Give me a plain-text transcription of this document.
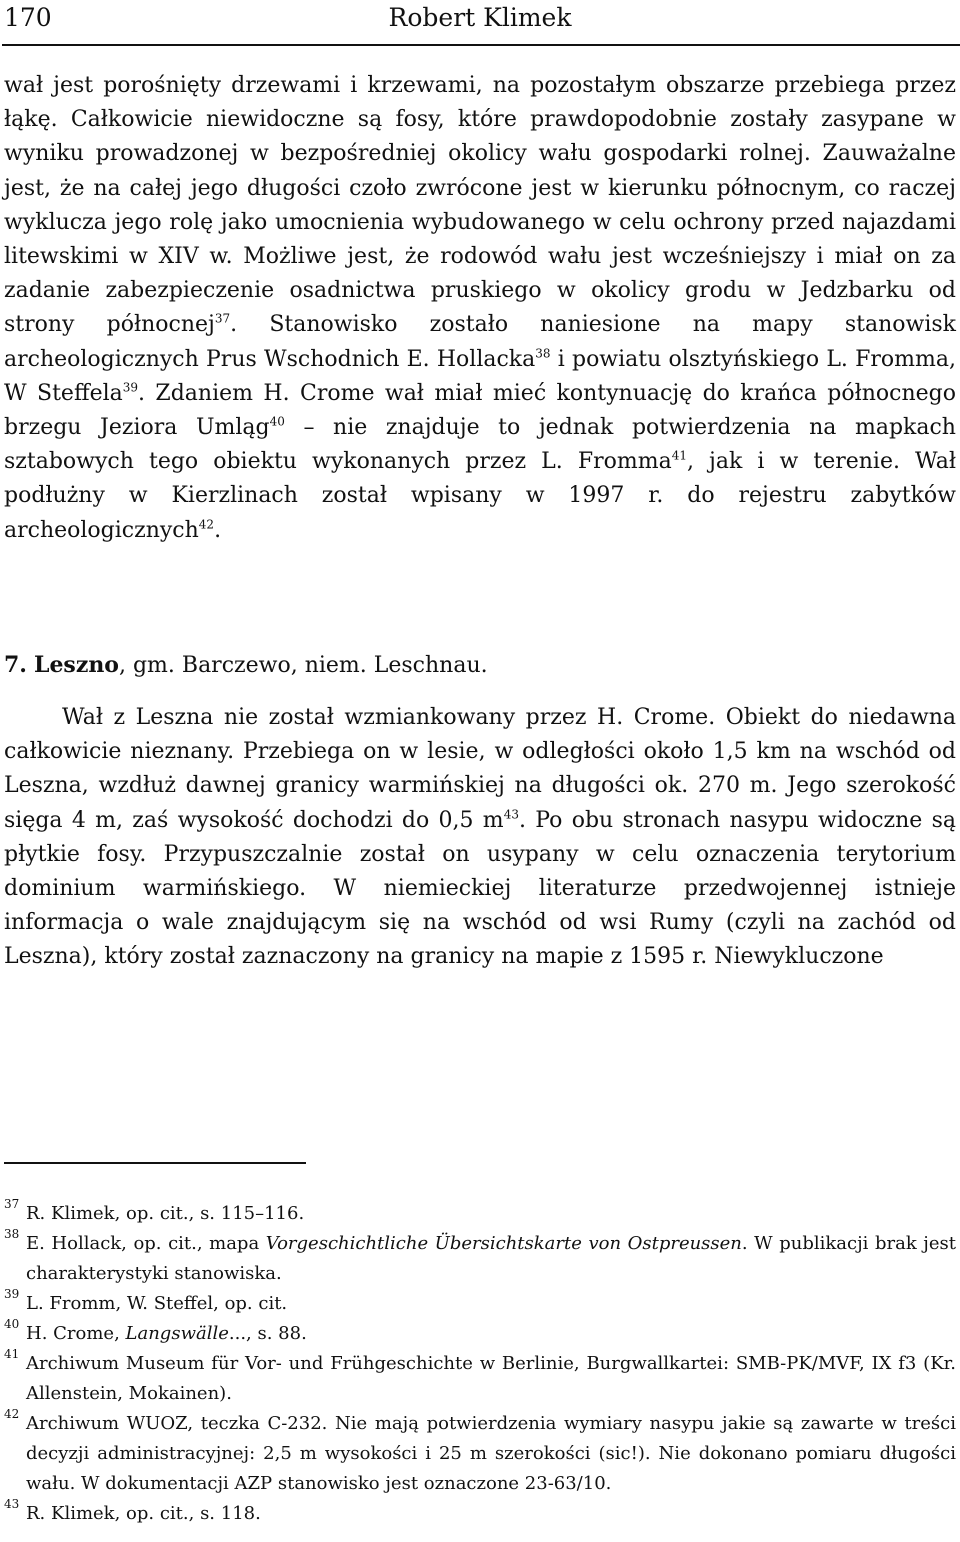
170	Robert Klimek

wał jest porośnięty drzewami i krzewami, na pozostałym obszarze przebiega przez łąkę. Całkowicie niewidoczne są fosy, które prawdopodobnie zostały zasypane w wyniku prowadzonej w bezpośredniej okolicy wału gospodarki rolnej. Zauważalne jest, że na całej jego długości czoło zwrócone jest w kierunku północnym, co raczej wyklucza jego rolę jako umocnienia wybudowanego w celu ochrony przed najazdami litewskimi w XIV w. Możliwe jest, że rodowód wału jest wcześniejszy i miał on za zadanie zabezpieczenie osadnictwa pruskiego w okolicy grodu w Jedzbarku od strony północnej$^{37}$. Stanowisko zostało naniesione na mapy stanowisk archeologicznych Prus Wschodnich E. Hollacka$^{38}$ i powiatu olsztyńskiego L. Fromma, W Steffela$^{39}$. Zdaniem H. Crome wał miał mieć kontynuację do krańca północnego brzegu Jeziora Umląg$^{40}$ – nie znajduje to jednak potwierdzenia na mapkach sztabowych tego obiektu wykonanych przez L. Fromma$^{41}$, jak i w terenie. Wał podłużny w Kierzlinach został wpisany w 1997 r. do rejestru zabytków archeologicznych$^{42}$.

7. Leszno, gm. Barczewo, niem. Leschnau.
Wał z Leszna nie został wzmiankowany przez H. Crome. Obiekt do niedawna całkowicie nieznany. Przebiega on w lesie, w odległości około 1,5 km na wschód od Leszna, wzdłuż dawnej granicy warmińskiej na długości ok. 270 m. Jego szerokość sięga 4 m, zaś wysokość dochodzi do 0,5 $m^{43}$. Po obu stronach nasypu widoczne są płytkie fosy. Przypuszczalnie został on usypany w celu oznaczenia terytorium dominium warmińskiego. W niemieckiej literaturze przedwojennej istnieje informacja o wale znajdującym się na wschód od wsi Rumy (czyli na zachód od Leszna), który został zaznaczony na granicy na mapie z 1595 r. Niewykluczone
37 R. Klimek, op. cit., s. 115–116.
38 E. Hollack, op. cit., mapa Vorgeschichtliche Übersichtskarte von Ostpreussen. W publikacji brak jest charakterystyki stanowiska.
39 L. Fromm, W. Steffel, op. cit.
40 H. Crome, Langswälle..., s. 88.
41 Archiwum Museum für Vor- und Frühgeschichte w Berlinie, Burgwallkartei: SMB-PK/MVF, IX f3 (Kr. Allenstein, Mokainen).
42 Archiwum WUOZ, teczka C-232. Nie mają potwierdzenia wymiary nasypu jakie są zawarte w treści decyzji administracyjnej: 2,5 m wysokości i 25 m szerokości (sic!). Nie dokonano pomiaru długości wału. W dokumentacji AZP stanowisko jest oznaczone 23-63/10.
43 R. Klimek, op. cit., s. 118.
